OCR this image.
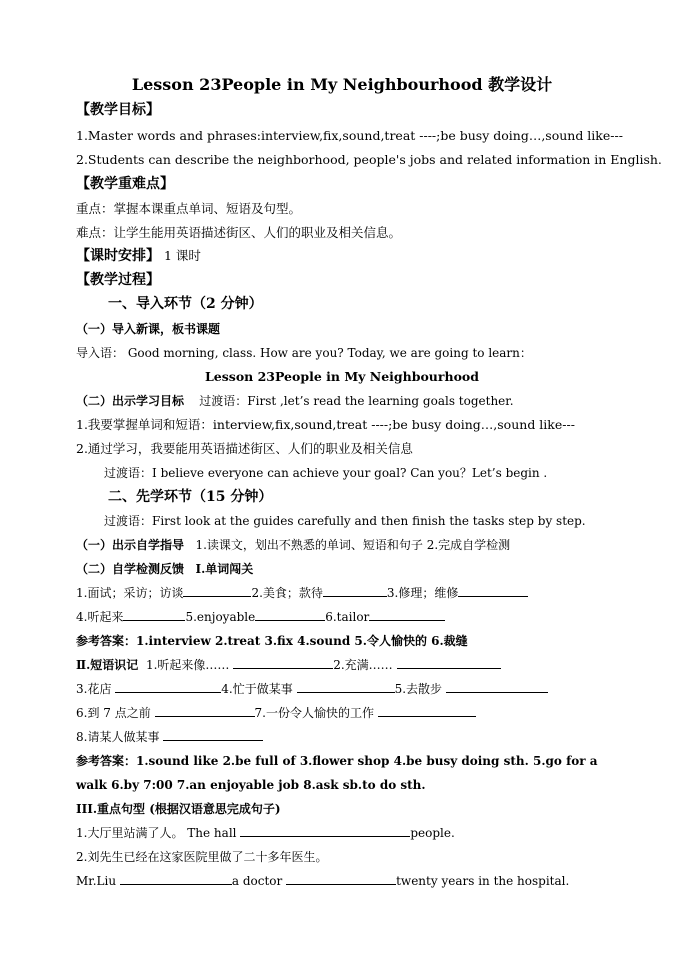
Lesson 23People in My Neighbourhood 教学设计
【教学目标】
1.Master words and phrases:interview,fix,sound,treat ----;be busy doing…,sound like---
2.Students can describe the neighborhood, people's jobs and related information in English.
【教学重难点】
重点：掌握本课重点单词、短语及句型。
难点：让学生能用英语描述街区、人们的职业及相关信息。
【课时安排】 1 课时
【教学过程】
一、导入环节（2 分钟）
（一）导入新课，板书课题
导入语： Good morning, class. How are you? Today, we are going to learn：
Lesson 23People in My Neighbourhood
（二）出示学习目标 过渡语：First ,let’s read the learning goals together.
1.我要掌握单词和短语：interview,fix,sound,treat ----;be busy doing…,sound like---
2.通过学习，我要能用英语描述街区、人们的职业及相关信息
过渡语：I believe everyone can achieve your goal? Can you？Let’s begin .
二、先学环节（15 分钟）
过渡语：First look at the guides carefully and then finish the tasks step by step.
（一）出示自学指导 1.读课文，划出不熟悉的单词、短语和句子 2.完成自学检测
（二）自学检测反馈 Ⅰ.单词闯关
1.面试；采访；访谈	2.美食；款待	3.修理；维修
4.听起来	5.enjoyable	6.tailor
参考答案：1.interview 2.treat 3.fix 4.sound 5.令人愉快的 6.裁缝
Ⅱ.短语识记 1.听起来像……	2.充满……
3.花店	4.忙于做某事	5.去散步
6.到 7 点之前	7.一份令人愉快的工作
8.请某人做某事
参考答案：1.sound like 2.be full of 3.flower shop 4.be busy doing sth. 5.go for a
walk 6.by 7:00 7.an enjoyable job 8.ask sb.to do sth.
III.重点句型 (根据汉语意思完成句子)
1.大厅里站满了人。 The hall	people.
2.刘先生已经在这家医院里做了二十多年医生。
Mr.Liu	a doctor	twenty years in the hospital.
